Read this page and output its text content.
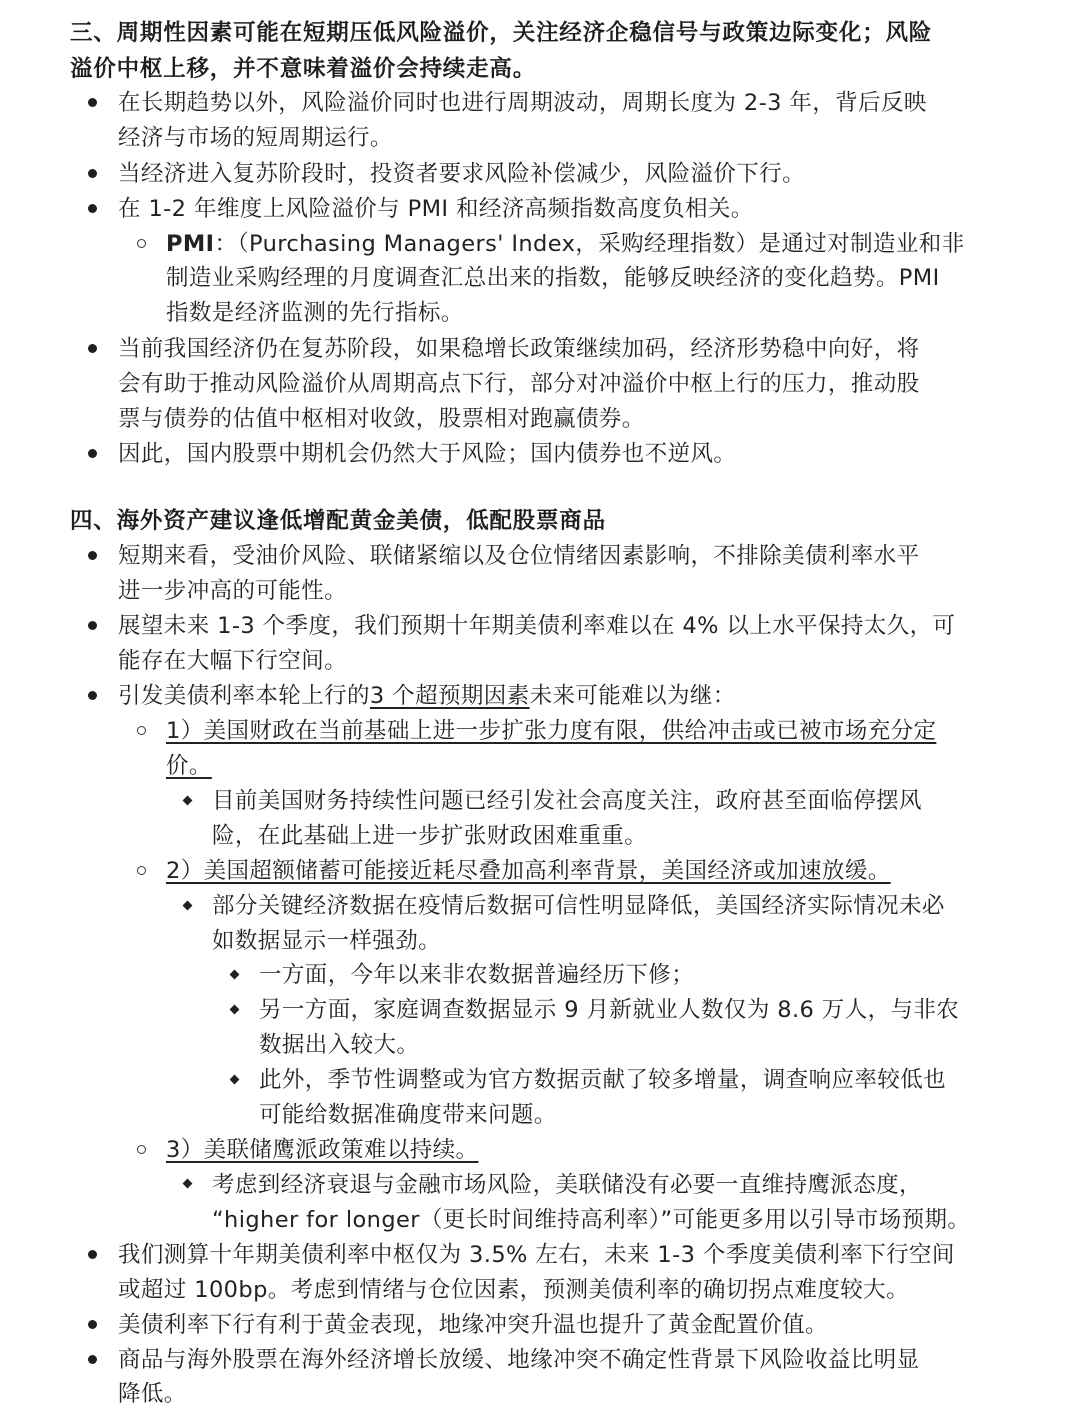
三、周期性因素可能在短期压低风险溢价，关注经济企稳信号与政策边际变化；风险
溢价中枢上移，并不意味着溢价会持续走高。
在长期趋势以外，风险溢价同时也进行周期波动，周期长度为 2-3 年，背后反映
经济与市场的短周期运行。
当经济进入复苏阶段时，投资者要求风险补偿减少，风险溢价下行。
在 1-2 年维度上风险溢价与 PMI 和经济高频指数高度负相关。
PMI：（Purchasing Managers' Index，采购经理指数）是通过对制造业和非
制造业采购经理的月度调查汇总出来的指数，能够反映经济的变化趋势。PMI
指数是经济监测的先行指标。
当前我国经济仍在复苏阶段，如果稳增长政策继续加码，经济形势稳中向好，将
会有助于推动风险溢价从周期高点下行，部分对冲溢价中枢上行的压力，推动股
票与债券的估值中枢相对收敛，股票相对跑赢债券。
因此，国内股票中期机会仍然大于风险；国内债券也不逆风。
四、海外资产建议逢低增配黄金美债，低配股票商品
短期来看，受油价风险、联储紧缩以及仓位情绪因素影响，不排除美债利率水平
进一步冲高的可能性。
展望未来 1-3 个季度，我们预期十年期美债利率难以在 4% 以上水平保持太久，可
能存在大幅下行空间。
引发美债利率本轮上行的3 个超预期因素未来可能难以为继：
1）美国财政在当前基础上进一步扩张力度有限，供给冲击或已被市场充分定
价。
目前美国财务持续性问题已经引发社会高度关注，政府甚至面临停摆风
险，在此基础上进一步扩张财政困难重重。
2）美国超额储蓄可能接近耗尽叠加高利率背景，美国经济或加速放缓。
部分关键经济数据在疫情后数据可信性明显降低，美国经济实际情况未必
如数据显示一样强劲。
一方面，今年以来非农数据普遍经历下修；
另一方面，家庭调查数据显示 9 月新就业人数仅为 8.6 万人，与非农
数据出入较大。
此外，季节性调整或为官方数据贡献了较多增量，调查响应率较低也
可能给数据准确度带来问题。
3）美联储鹰派政策难以持续。
考虑到经济衰退与金融市场风险，美联储没有必要一直维持鹰派态度，
“higher for longer（更长时间维持高利率）”可能更多用以引导市场预期。
我们测算十年期美债利率中枢仅为 3.5% 左右，未来 1-3 个季度美债利率下行空间
或超过 100bp。考虑到情绪与仓位因素，预测美债利率的确切拐点难度较大。
美债利率下行有利于黄金表现，地缘冲突升温也提升了黄金配置价值。
商品与海外股票在海外经济增长放缓、地缘冲突不确定性背景下风险收益比明显
降低。
